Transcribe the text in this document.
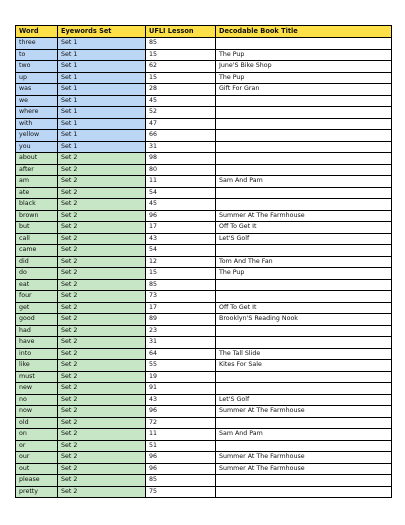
Word	Eyewords Set	UFLI Lesson	Decodable Book Title
three	Set 1	85	
to	Set 1	15	The Pup
two	Set 1	62	June'S Bike Shop
up	Set 1	15	The Pup
was	Set 1	28	Gift For Gran
we	Set 1	45	
where	Set 1	52	
with	Set 1	47	
yellow	Set 1	66	
you	Set 1	31	
about	Set 2	98	
after	Set 2	80	
am	Set 2	11	Sam And Pam
ate	Set 2	54	
black	Set 2	45	
brown	Set 2	96	Summer At The Farmhouse
but	Set 2	17	Off To Get It
call	Set 2	43	Let'S Golf
came	Set 2	54	
did	Set 2	12	Tom And The Fan
do	Set 2	15	The Pup
eat	Set 2	85	
four	Set 2	73	
get	Set 2	17	Off To Get It
good	Set 2	89	Brooklyn'S Reading Nook
had	Set 2	23	
have	Set 2	31	
into	Set 2	64	The Tall Slide
like	Set 2	55	Kites For Sale
must	Set 2	19	
new	Set 2	91	
no	Set 2	43	Let'S Golf
now	Set 2	96	Summer At The Farmhouse
old	Set 2	72	
on	Set 2	11	Sam And Pam
or	Set 2	51	
our	Set 2	96	Summer At The Farmhouse
out	Set 2	96	Summer At The Farmhouse
please	Set 2	85	
pretty	Set 2	75	
